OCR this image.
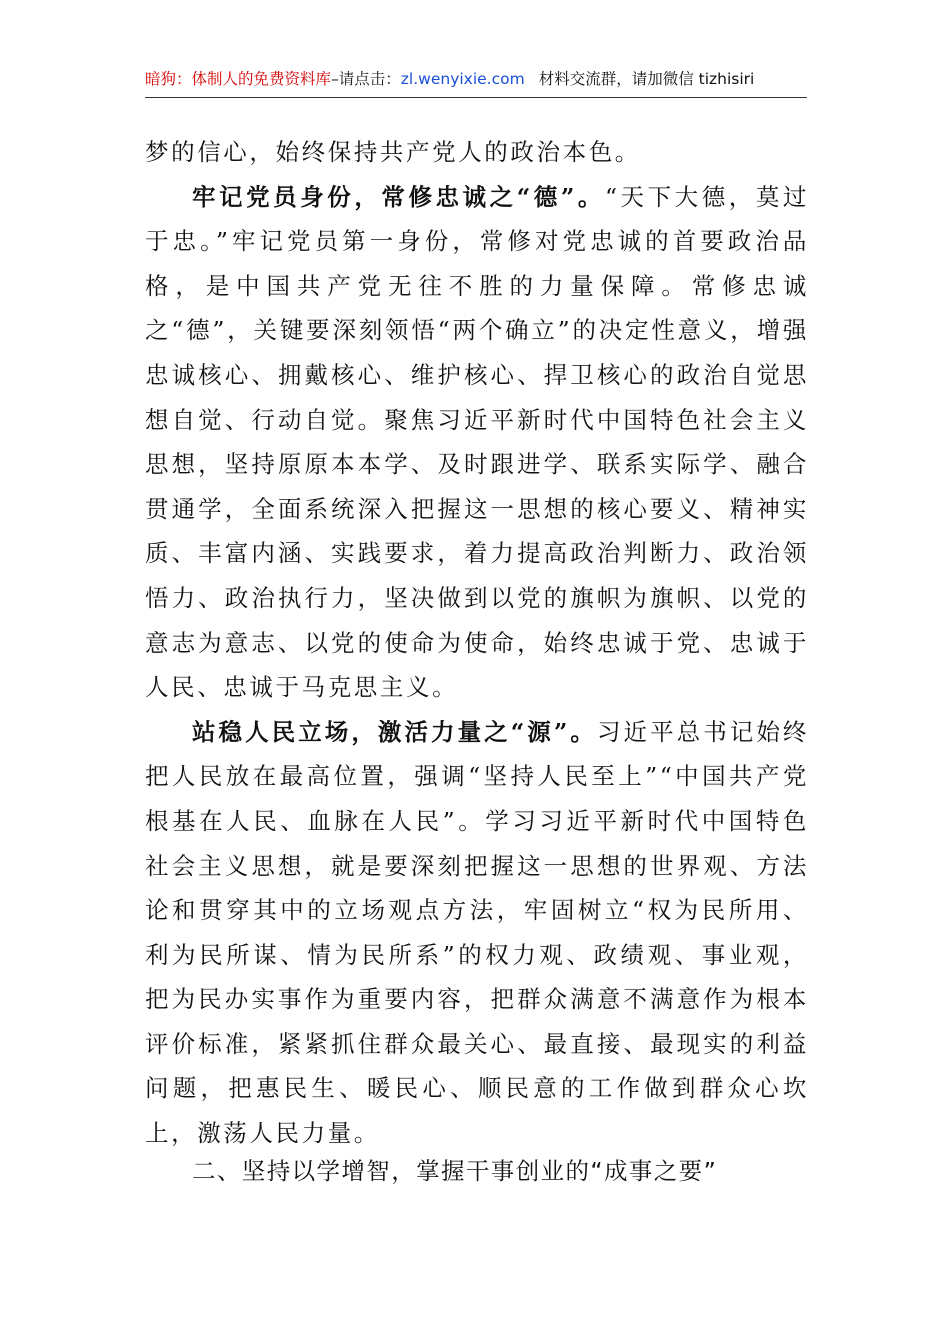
暗狗：体制人的免费资料库–请点击：zl.wenyixie.com 材料交流群，请加微信 tizhisiri

梦的信心，始终保持共产党人的政治本色。

牢记党员身份，常修忠诚之“德”。“天下大德，莫过于忠。”牢记党员第一身份，常修对党忠诚的首要政治品格，是中国共产党无往不胜的力量保障。常修忠诚之“德”，关键要深刻领悟“两个确立”的决定性意义，增强忠诚核心、拥戴核心、维护核心、捍卫核心的政治自觉思想自觉、行动自觉。聚焦习近平新时代中国特色社会主义思想，坚持原原本本学、及时跟进学、联系实际学、融合贯通学，全面系统深入把握这一思想的核心要义、精神实质、丰富内涵、实践要求，着力提高政治判断力、政治领悟力、政治执行力，坚决做到以党的旗帜为旗帜、以党的意志为意志、以党的使命为使命，始终忠诚于党、忠诚于人民、忠诚于马克思主义。

站稳人民立场，激活力量之“源”。习近平总书记始终把人民放在最高位置，强调“坚持人民至上”“中国共产党根基在人民、血脉在人民”。学习习近平新时代中国特色社会主义思想，就是要深刻把握这一思想的世界观、方法论和贯穿其中的立场观点方法，牢固树立“权为民所用、利为民所谋、情为民所系”的权力观、政绩观、事业观，把为民办实事作为重要内容，把群众满意不满意作为根本评价标准，紧紧抓住群众最关心、最直接、最现实的利益问题，把惠民生、暖民心、顺民意的工作做到群众心坎上，激荡人民力量。

二、坚持以学增智，掌握干事创业的“成事之要”
